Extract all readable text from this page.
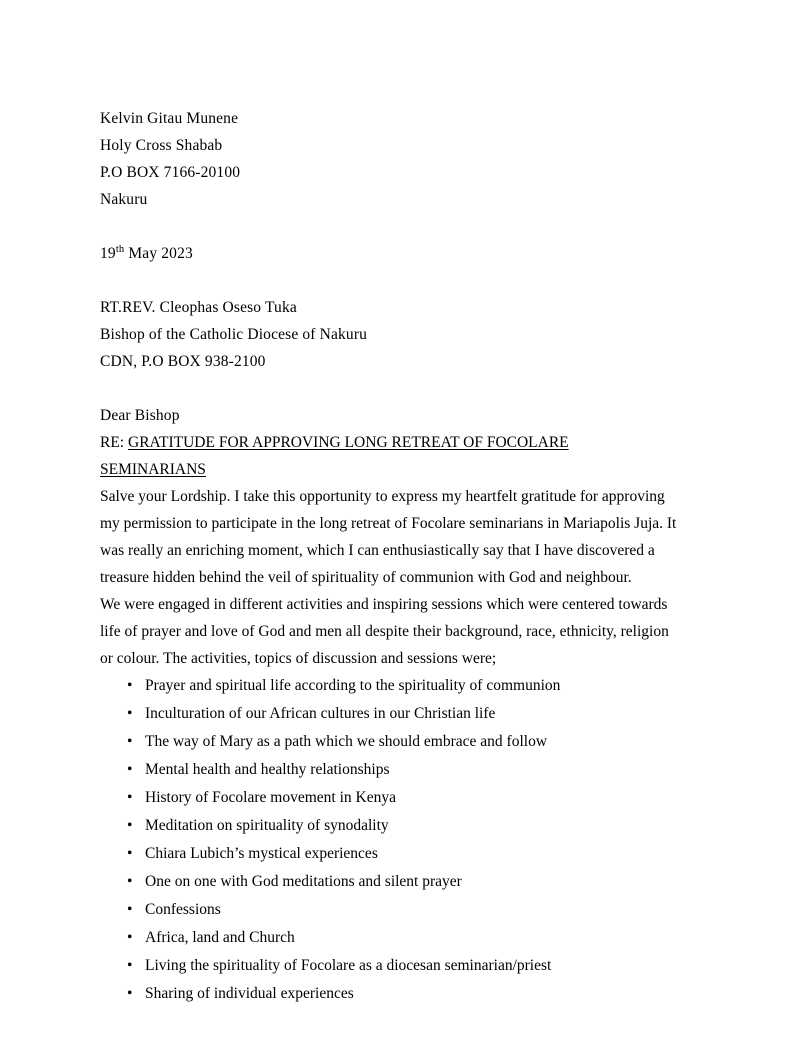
Kelvin Gitau Munene
Holy Cross Shabab
P.O BOX 7166-20100
Nakuru
19th May 2023
RT.REV. Cleophas Oseso Tuka
Bishop of the Catholic Diocese of Nakuru
CDN, P.O BOX 938-2100
Dear Bishop
RE: GRATITUDE FOR APPROVING LONG RETREAT OF FOCOLARE SEMINARIANS

Salve your Lordship. I take this opportunity to express my heartfelt gratitude for approving my permission to participate in the long retreat of Focolare seminarians in Mariapolis Juja. It was really an enriching moment, which I can enthusiastically say that I have discovered a treasure hidden behind the veil of spirituality of communion with God and neighbour.

We were engaged in different activities and inspiring sessions which were centered towards life of prayer and love of God and men all despite their background, race, ethnicity, religion or colour. The activities, topics of discussion and sessions were;

• Prayer and spiritual life according to the spirituality of communion
• Inculturation of our African cultures in our Christian life
• The way of Mary as a path which we should embrace and follow
• Mental health and healthy relationships
• History of Focolare movement in Kenya
• Meditation on spirituality of synodality
• Chiara Lubich’s mystical experiences
• One on one with God meditations and silent prayer
• Confessions
• Africa, land and Church
• Living the spirituality of Focolare as a diocesan seminarian/priest
• Sharing of individual experiences
